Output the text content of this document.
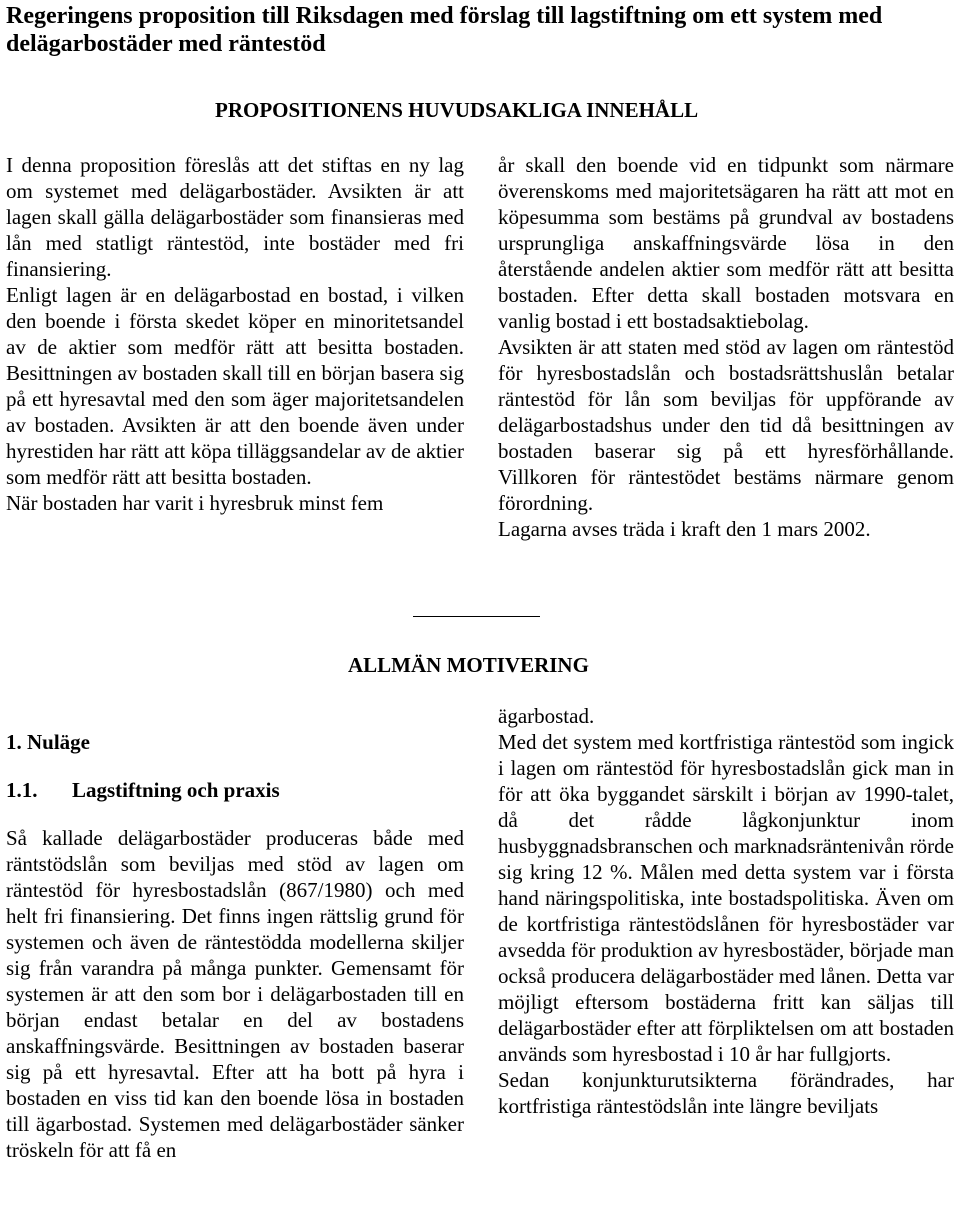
Regeringens proposition till Riksdagen med förslag till lagstiftning om ett system med delägarbostäder med räntestöd
PROPOSITIONENS HUVUDSAKLIGA INNEHÅLL

I denna proposition föreslås att det stiftas en ny lag om systemet med delägarbostäder. Avsikten är att lagen skall gälla delägarbostäder som finansieras med lån med statligt räntestöd, inte bostäder med fri finansiering.

Enligt lagen är en delägarbostad en bostad, i vilken den boende i första skedet köper en minoritetsandel av de aktier som medför rätt att besitta bostaden. Besittningen av bostaden skall till en början basera sig på ett hyresavtal med den som äger majoritetsandelen av bostaden. Avsikten är att den boende även under hyrestiden har rätt att köpa tilläggsandelar av de aktier som medför rätt att besitta bostaden.

När bostaden har varit i hyresbruk minst fem

år skall den boende vid en tidpunkt som närmare överenskoms med majoritetsägaren ha rätt att mot en köpesumma som bestäms på grundval av bostadens ursprungliga anskaffningsvärde lösa in den återstående andelen aktier som medför rätt att besitta bostaden. Efter detta skall bostaden motsvara en vanlig bostad i ett bostadsaktiebolag.

Avsikten är att staten med stöd av lagen om räntestöd för hyresbostadslån och bostadsrättshuslån betalar räntestöd för lån som beviljas för uppförande av delägarbostadshus under den tid då besittningen av bostaden baserar sig på ett hyresförhållande. Villkoren för räntestödet bestäms närmare genom förordning.

Lagarna avses träda i kraft den 1 mars 2002.

ALLMÄN MOTIVERING
1. Nuläge
1.1. Lagstiftning och praxis

Så kallade delägarbostäder produceras både med räntstödslån som beviljas med stöd av lagen om räntestöd för hyresbostadslån (867/1980) och med helt fri finansiering. Det finns ingen rättslig grund för systemen och även de räntestödda modellerna skiljer sig från varandra på många punkter. Gemensamt för systemen är att den som bor i delägarbostaden till en början endast betalar en del av bostadens anskaffningsvärde. Besittningen av bostaden baserar sig på ett hyresavtal. Efter att ha bott på hyra i bostaden en viss tid kan den boende lösa in bostaden till ägarbostad. Systemen med delägarbostäder sänker tröskeln för att få en

ägarbostad.

Med det system med kortfristiga räntestöd som ingick i lagen om räntestöd för hyresbostadslån gick man in för att öka byggandet särskilt i början av 1990-talet, då det rådde lågkonjunktur inom husbyggnadsbranschen och marknadsräntenivån rörde sig kring 12 %. Målen med detta system var i första hand näringspolitiska, inte bostadspolitiska. Även om de kortfristiga räntestödslånen för hyresbostäder var avsedda för produktion av hyresbostäder, började man också producera delägarbostäder med lånen. Detta var möjligt eftersom bostäderna fritt kan säljas till delägarbostäder efter att förpliktelsen om att bostaden används som hyresbostad i 10 år har fullgjorts.

Sedan konjunkturutsikterna förändrades, har kortfristiga räntestödslån inte längre beviljats
